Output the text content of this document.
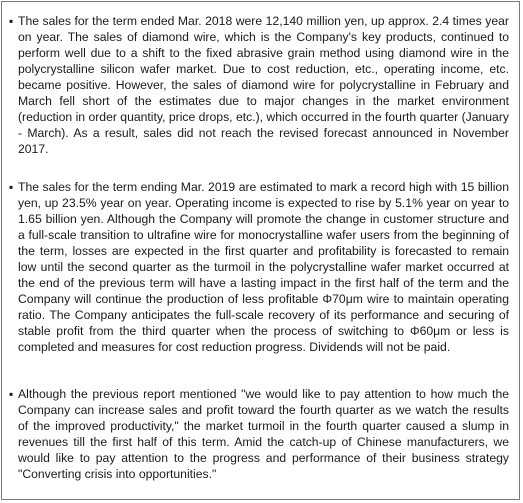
▪ The sales for the term ended Mar. 2018 were 12,140 million yen, up approx. 2.4 times year on year. The sales of diamond wire, which is the Company's key products, continued to perform well due to a shift to the fixed abrasive grain method using diamond wire in the polycrystalline silicon wafer market. Due to cost reduction, etc., operating income, etc. became positive. However, the sales of diamond wire for polycrystalline in February and March fell short of the estimates due to major changes in the market environment (reduction in order quantity, price drops, etc.), which occurred in the fourth quarter (January - March). As a result, sales did not reach the revised forecast announced in November 2017.
▪ The sales for the term ending Mar. 2019 are estimated to mark a record high with 15 billion yen, up 23.5% year on year. Operating income is expected to rise by 5.1% year on year to 1.65 billion yen. Although the Company will promote the change in customer structure and a full-scale transition to ultrafine wire for monocrystalline wafer users from the beginning of the term, losses are expected in the first quarter and profitability is forecasted to remain low until the second quarter as the turmoil in the polycrystalline wafer market occurred at the end of the previous term will have a lasting impact in the first half of the term and the Company will continue the production of less profitable Φ70μm wire to maintain operating ratio. The Company anticipates the full-scale recovery of its performance and securing of stable profit from the third quarter when the process of switching to Φ60μm or less is completed and measures for cost reduction progress. Dividends will not be paid.
▪ Although the previous report mentioned "we would like to pay attention to how much the Company can increase sales and profit toward the fourth quarter as we watch the results of the improved productivity," the market turmoil in the fourth quarter caused a slump in revenues till the first half of this term. Amid the catch-up of Chinese manufacturers, we would like to pay attention to the progress and performance of their business strategy "Converting crisis into opportunities."
